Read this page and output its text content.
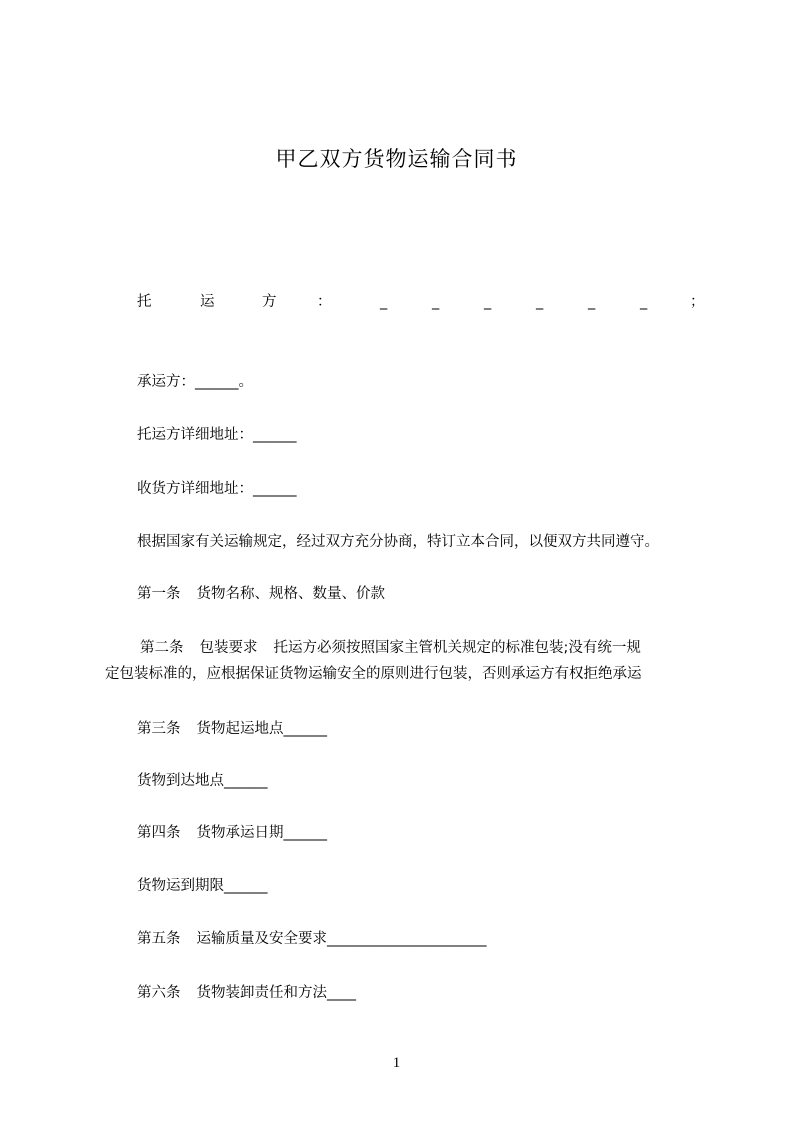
甲乙双方货物运输合同书
托	运	方	：	_	_	_	_	_	_	；
承运方：______。
托运方详细地址：______
收货方详细地址：______
根据国家有关运输规定，经过双方充分协商，特订立本合同，以便双方共同遵守。
第一条 货物名称、规格、数量、价款
第二条 包装要求 托运方必须按照国家主管机关规定的标准包装;没有统一规
定包装标准的，应根据保证货物运输安全的原则进行包装，否则承运方有权拒绝承运
第三条 货物起运地点______
货物到达地点______
第四条 货物承运日期______
货物运到期限______
第五条 运输质量及安全要求______________________
第六条 货物装卸责任和方法____
1
